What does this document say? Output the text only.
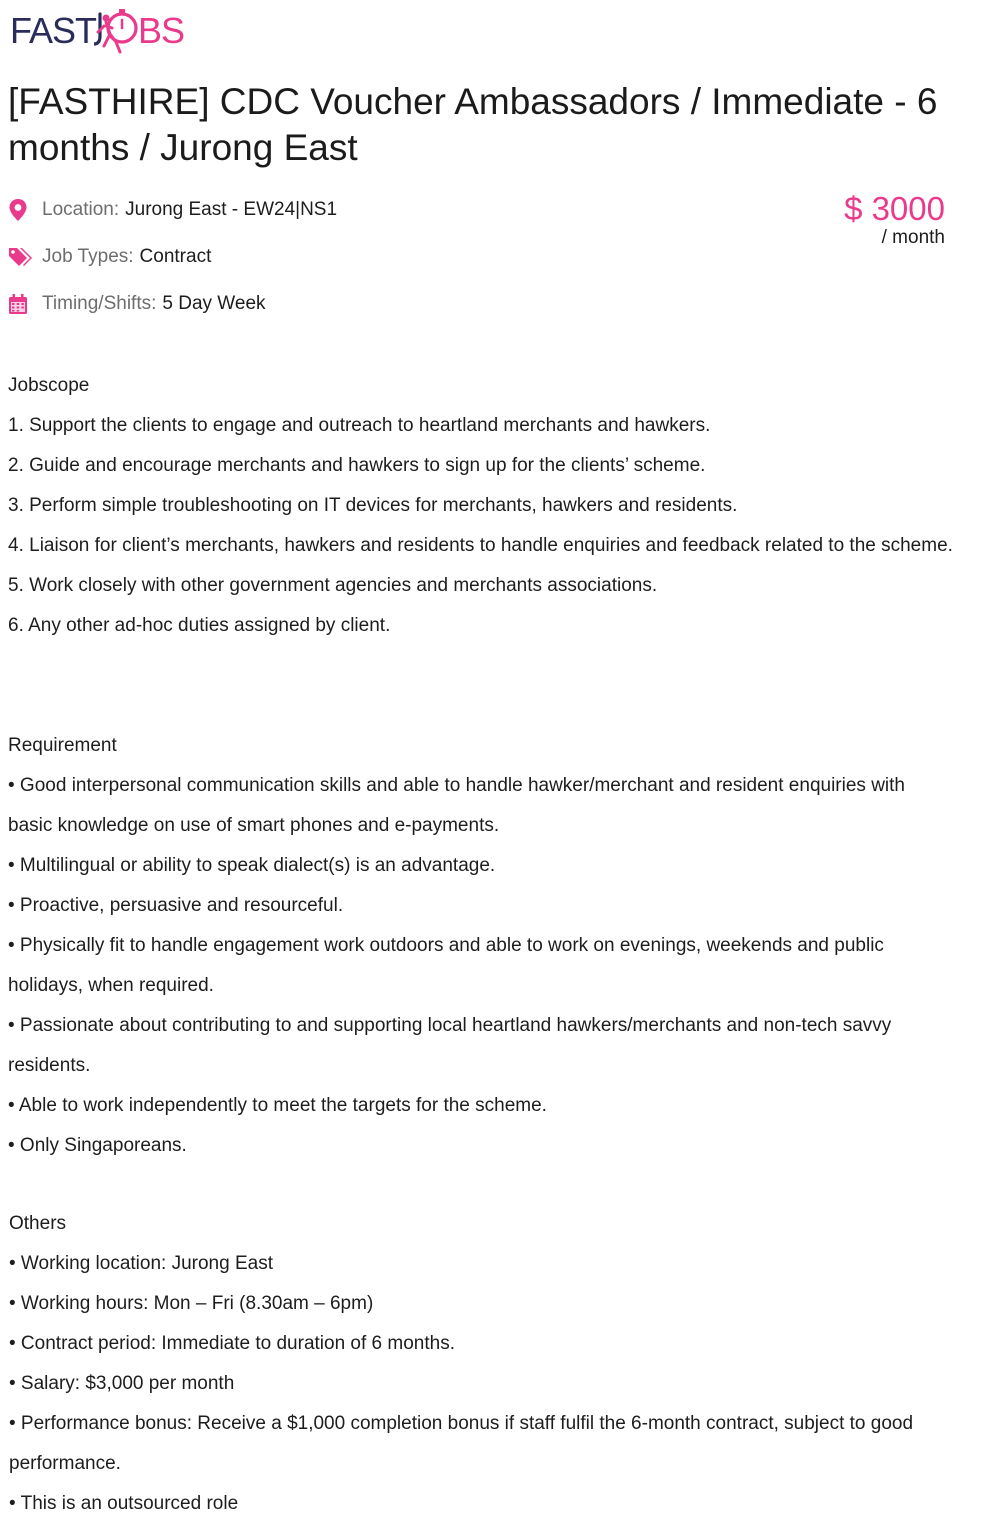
FAST BS
[FASTHIRE] CDC Voucher Ambassadors / Immediate - 6 months / Jurong East
Location: Jurong East - EW24|NS1
Job Types: Contract
Timing/Shifts: 5 Day Week
$ 3000
/ month

Jobscope

1. Support the clients to engage and outreach to heartland merchants and hawkers.

2. Guide and encourage merchants and hawkers to sign up for the clients’ scheme.

3. Perform simple troubleshooting on IT devices for merchants, hawkers and residents.

4. Liaison for client’s merchants, hawkers and residents to handle enquiries and feedback related to the scheme.

5. Work closely with other government agencies and merchants associations.

6. Any other ad-hoc duties assigned by client.

Requirement

• Good interpersonal communication skills and able to handle hawker/merchant and resident enquiries with basic knowledge on use of smart phones and e-payments.

• Multilingual or ability to speak dialect(s) is an advantage.

• Proactive, persuasive and resourceful.

• Physically fit to handle engagement work outdoors and able to work on evenings, weekends and public holidays, when required.

• Passionate about contributing to and supporting local heartland hawkers/merchants and non-tech savvy residents.

• Able to work independently to meet the targets for the scheme.

• Only Singaporeans.

Others

• Working location: Jurong East

• Working hours: Mon – Fri (8.30am – 6pm)

• Contract period: Immediate to duration of 6 months.

• Salary: $3,000 per month

• Performance bonus: Receive a $1,000 completion bonus if staff fulfil the 6-month contract, subject to good performance.

• This is an outsourced role
